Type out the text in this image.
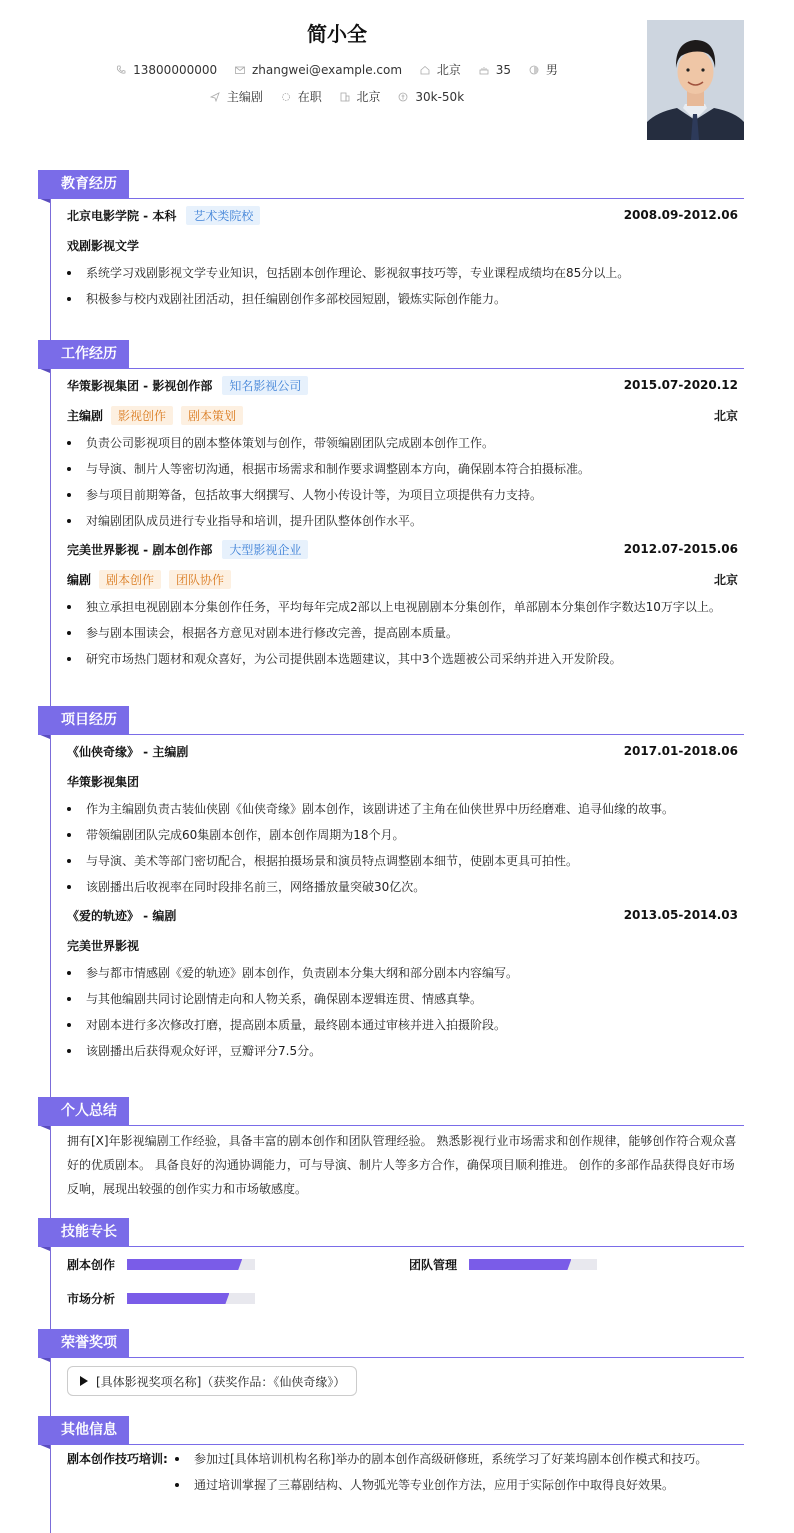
简小全
13800000000
	zhangwei@example.com
	北京
	35
	男
主编剧
	在职
	北京
	30k-50k
教育经历
北京电影学院 - 本科	艺术类院校	2008.09-2012.06
戏剧影视文学
系统学习戏剧影视文学专业知识，包括剧本创作理论、影视叙事技巧等，专业课程成绩均在85分以上。
积极参与校内戏剧社团活动，担任编剧创作多部校园短剧，锻炼实际创作能力。
工作经历
华策影视集团 - 影视创作部	知名影视公司	2015.07-2020.12
主编剧	影视创作	剧本策划	北京
负责公司影视项目的剧本整体策划与创作，带领编剧团队完成剧本创作工作。
与导演、制片人等密切沟通，根据市场需求和制作要求调整剧本方向，确保剧本符合拍摄标准。
参与项目前期筹备，包括故事大纲撰写、人物小传设计等，为项目立项提供有力支持。
对编剧团队成员进行专业指导和培训，提升团队整体创作水平。
完美世界影视 - 剧本创作部	大型影视企业	2012.07-2015.06
编剧	剧本创作	团队协作	北京
独立承担电视剧剧本分集创作任务，平均每年完成2部以上电视剧剧本分集创作，单部剧本分集创作字数达10万字以上。
参与剧本围读会，根据各方意见对剧本进行修改完善，提高剧本质量。
研究市场热门题材和观众喜好，为公司提供剧本选题建议，其中3个选题被公司采纳并进入开发阶段。
项目经历
《仙侠奇缘》 - 主编剧	2017.01-2018.06
华策影视集团
作为主编剧负责古装仙侠剧《仙侠奇缘》剧本创作，该剧讲述了主角在仙侠世界中历经磨难、追寻仙缘的故事。
带领编剧团队完成60集剧本创作，剧本创作周期为18个月。
与导演、美术等部门密切配合，根据拍摄场景和演员特点调整剧本细节，使剧本更具可拍性。
该剧播出后收视率在同时段排名前三，网络播放量突破30亿次。
《爱的轨迹》 - 编剧	2013.05-2014.03
完美世界影视
参与都市情感剧《爱的轨迹》剧本创作，负责剧本分集大纲和部分剧本内容编写。
与其他编剧共同讨论剧情走向和人物关系，确保剧本逻辑连贯、情感真挚。
对剧本进行多次修改打磨，提高剧本质量，最终剧本通过审核并进入拍摄阶段。
该剧播出后获得观众好评，豆瓣评分7.5分。
个人总结
拥有[X]年影视编剧工作经验，具备丰富的剧本创作和团队管理经验。 熟悉影视行业市场需求和创作规律，能够创作符合观众喜好的优质剧本。 具备良好的沟通协调能力，可与导演、制片人等多方合作，确保项目顺利推进。 创作的多部作品获得良好市场反响，展现出较强的创作实力和市场敏感度。
技能专长
剧本创作	团队管理
市场分析
荣誉奖项
[具体影视奖项名称]（获奖作品：《仙侠奇缘》）
其他信息
剧本创作技巧培训:	参加过[具体培训机构名称]举办的剧本创作高级研修班，系统学习了好莱坞剧本创作模式和技巧。
通过培训掌握了三幕剧结构、人物弧光等专业创作方法，应用于实际创作中取得良好效果。
